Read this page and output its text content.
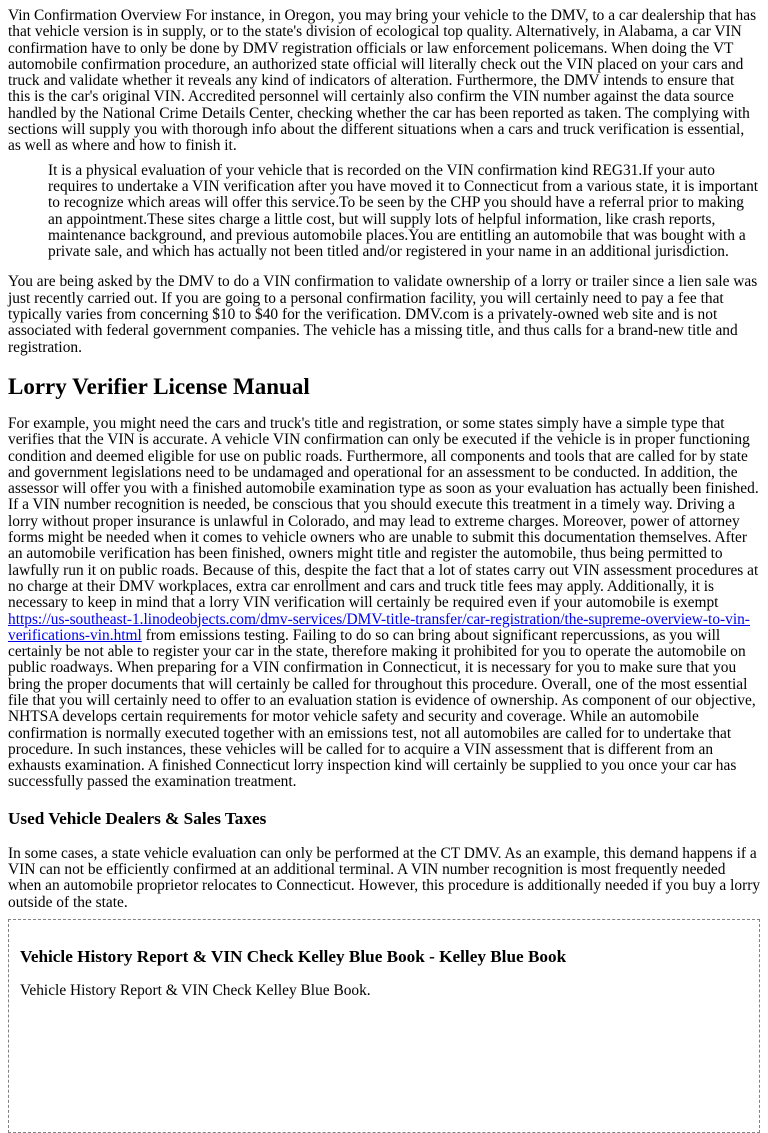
Vin Confirmation Overview For instance, in Oregon, you may bring your vehicle to the DMV, to a car dealership that has that vehicle version is in supply, or to the state's division of ecological top quality. Alternatively, in Alabama, a car VIN confirmation have to only be done by DMV registration officials or law enforcement policemans. When doing the VT automobile confirmation procedure, an authorized state official will literally check out the VIN placed on your cars and truck and validate whether it reveals any kind of indicators of alteration. Furthermore, the DMV intends to ensure that this is the car's original VIN. Accredited personnel will certainly also confirm the VIN number against the data source handled by the National Crime Details Center, checking whether the car has been reported as taken. The complying with sections will supply you with thorough info about the different situations when a cars and truck verification is essential, as well as where and how to finish it.

It is a physical evaluation of your vehicle that is recorded on the VIN confirmation kind REG31.If your auto requires to undertake a VIN verification after you have moved it to Connecticut from a various state, it is important to recognize which areas will offer this service.To be seen by the CHP you should have a referral prior to making an appointment.These sites charge a little cost, but will supply lots of helpful information, like crash reports, maintenance background, and previous automobile places.You are entitling an automobile that was bought with a private sale, and which has actually not been titled and/or registered in your name in an additional jurisdiction.

You are being asked by the DMV to do a VIN confirmation to validate ownership of a lorry or trailer since a lien sale was just recently carried out. If you are going to a personal confirmation facility, you will certainly need to pay a fee that typically varies from concerning $10 to $40 for the verification. DMV.com is a privately-owned web site and is not associated with federal government companies. The vehicle has a missing title, and thus calls for a brand-new title and registration.

Lorry Verifier License Manual

For example, you might need the cars and truck's title and registration, or some states simply have a simple type that verifies that the VIN is accurate. A vehicle VIN confirmation can only be executed if the vehicle is in proper functioning condition and deemed eligible for use on public roads. Furthermore, all components and tools that are called for by state and government legislations need to be undamaged and operational for an assessment to be conducted. In addition, the assessor will offer you with a finished automobile examination type as soon as your evaluation has actually been finished. If a VIN number recognition is needed, be conscious that you should execute this treatment in a timely way. Driving a lorry without proper insurance is unlawful in Colorado, and may lead to extreme charges. Moreover, power of attorney forms might be needed when it comes to vehicle owners who are unable to submit this documentation themselves. After an automobile verification has been finished, owners might title and register the automobile, thus being permitted to lawfully run it on public roads. Because of this, despite the fact that a lot of states carry out VIN assessment procedures at no charge at their DMV workplaces, extra car enrollment and cars and truck title fees may apply. Additionally, it is necessary to keep in mind that a lorry VIN verification will certainly be required even if your automobile is exempt https://us-southeast-1.linodeobjects.com/dmv-services/DMV-title-transfer/car-registration/the-supreme-overview-to-vin-verifications-vin.html from emissions testing. Failing to do so can bring about significant repercussions, as you will certainly be not able to register your car in the state, therefore making it prohibited for you to operate the automobile on public roadways. When preparing for a VIN confirmation in Connecticut, it is necessary for you to make sure that you bring the proper documents that will certainly be called for throughout this procedure. Overall, one of the most essential file that you will certainly need to offer to an evaluation station is evidence of ownership. As component of our objective, NHTSA develops certain requirements for motor vehicle safety and security and coverage. While an automobile confirmation is normally executed together with an emissions test, not all automobiles are called for to undertake that procedure. In such instances, these vehicles will be called for to acquire a VIN assessment that is different from an exhausts examination. A finished Connecticut lorry inspection kind will certainly be supplied to you once your car has successfully passed the examination treatment.

Used Vehicle Dealers & Sales Taxes

In some cases, a state vehicle evaluation can only be performed at the CT DMV. As an example, this demand happens if a VIN can not be efficiently confirmed at an additional terminal. A VIN number recognition is most frequently needed when an automobile proprietor relocates to Connecticut. However, this procedure is additionally needed if you buy a lorry outside of the state.

Vehicle History Report & VIN Check Kelley Blue Book - Kelley Blue Book

Vehicle History Report & VIN Check Kelley Blue Book.
